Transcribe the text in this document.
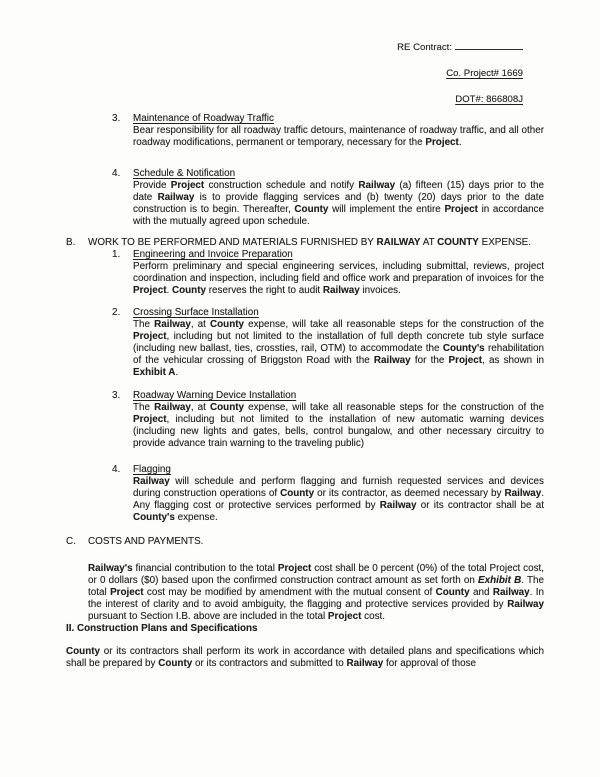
RE Contract:
Co. Project# 1669
DOT#: 866808J
3.	Maintenance of Roadway Traffic

Bear responsibility for all roadway traffic detours, maintenance of roadway traffic, and all other roadway modifications, permanent or temporary, necessary for the Project.

4.	Schedule & Notification

Provide Project construction schedule and notify Railway (a) fifteen (15) days prior to the date Railway is to provide flagging services and (b) twenty (20) days prior to the date construction is to begin. Thereafter, County will implement the entire Project in accordance with the mutually agreed upon schedule.

B.	WORK TO BE PERFORMED AND MATERIALS FURNISHED BY RAILWAY AT COUNTY EXPENSE.
1.	Engineering and Invoice Preparation

Perform preliminary and special engineering services, including submittal, reviews, project coordination and inspection, including field and office work and preparation of invoices for the Project. County reserves the right to audit Railway invoices.

2.	Crossing Surface Installation

The Railway, at County expense, will take all reasonable steps for the construction of the Project, including but not limited to the installation of full depth concrete tub style surface (including new ballast, ties, crossties, rail, OTM) to accommodate the County's rehabilitation of the vehicular crossing of Briggston Road with the Railway for the Project, as shown in Exhibit A.

3.	Roadway Warning Device Installation

The Railway, at County expense, will take all reasonable steps for the construction of the Project, including but not limited to the installation of new automatic warning devices (including new lights and gates, bells, control bungalow, and other necessary circuitry to provide advance train warning to the traveling public)

4.	Flagging

Railway will schedule and perform flagging and furnish requested services and devices during construction operations of County or its contractor, as deemed necessary by Railway. Any flagging cost or protective services performed by Railway or its contractor shall be at County's expense.

C.	COSTS AND PAYMENTS.

Railway's financial contribution to the total Project cost shall be 0 percent (0%) of the total Project cost, or 0 dollars ($0) based upon the confirmed construction contract amount as set forth on Exhibit B. The total Project cost may be modified by amendment with the mutual consent of County and Railway. In the interest of clarity and to avoid ambiguity, the flagging and protective services provided by Railway pursuant to Section I.B. above are included in the total Project cost.

II. Construction Plans and Specifications

County or its contractors shall perform its work in accordance with detailed plans and specifications which shall be prepared by County or its contractors and submitted to Railway for approval of those
